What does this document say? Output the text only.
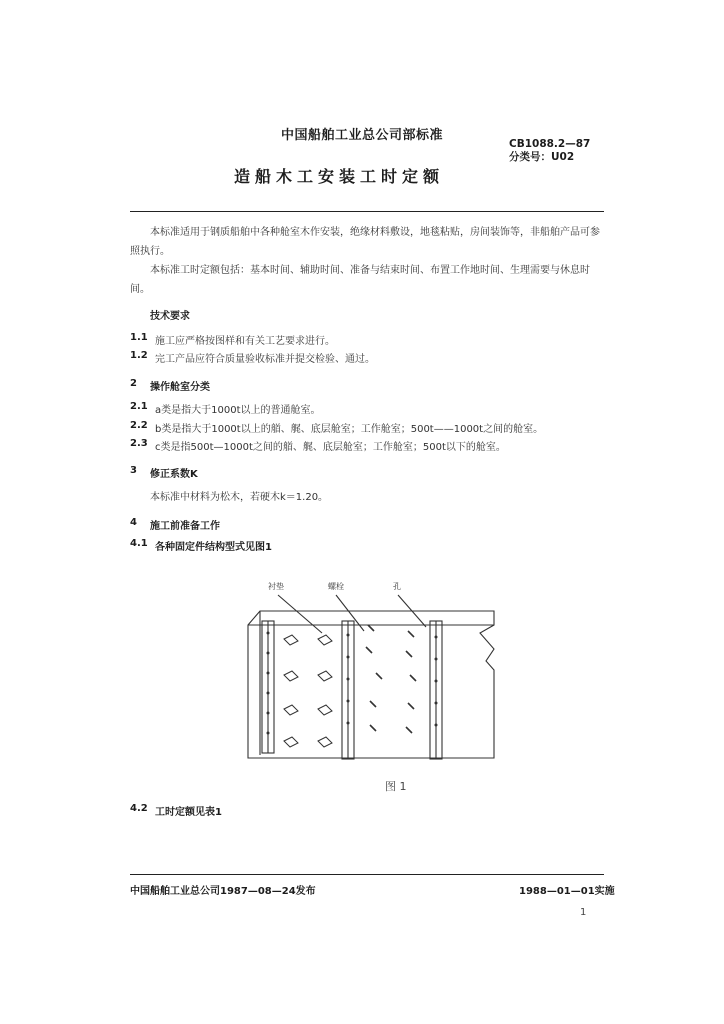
中国船舶工业总公司部标准
CB1088.2—87
分类号：U02
造船木工安装工时定额
本标准适用于钢质船舶中各种舱室木作安装，绝缘材料敷设，地毯粘贴，房间装饰等，非船舶产品可参照执行。
本标准工时定额包括：基本时间、辅助时间、准备与结束时间、布置工作地时间、生理需要与休息时间。
技术要求
1.1 施工应严格按图样和有关工艺要求进行。
1.2 完工产品应符合质量验收标准并提交检验、通过。
2 操作舱室分类
2.1 a类是指大于1000t以上的普通舱室。
2.2 b类是指大于1000t以上的艏、艉、底层舱室；工作舱室；500t——1000t之间的舱室。
2.3 c类是指500t—1000t之间的艏、艉、底层舱室；工作舱室；500t以下的舱室。
3 修正系数K
本标准中材料为松木，若硬木k＝1.20。
4 施工前准备工作
4.1 各种固定件结构型式见图1
衬垫	螺栓	孔
图 1
4.2 工时定额见表1
中国船舶工业总公司1987—08—24发布	1988—01—01实施
1
